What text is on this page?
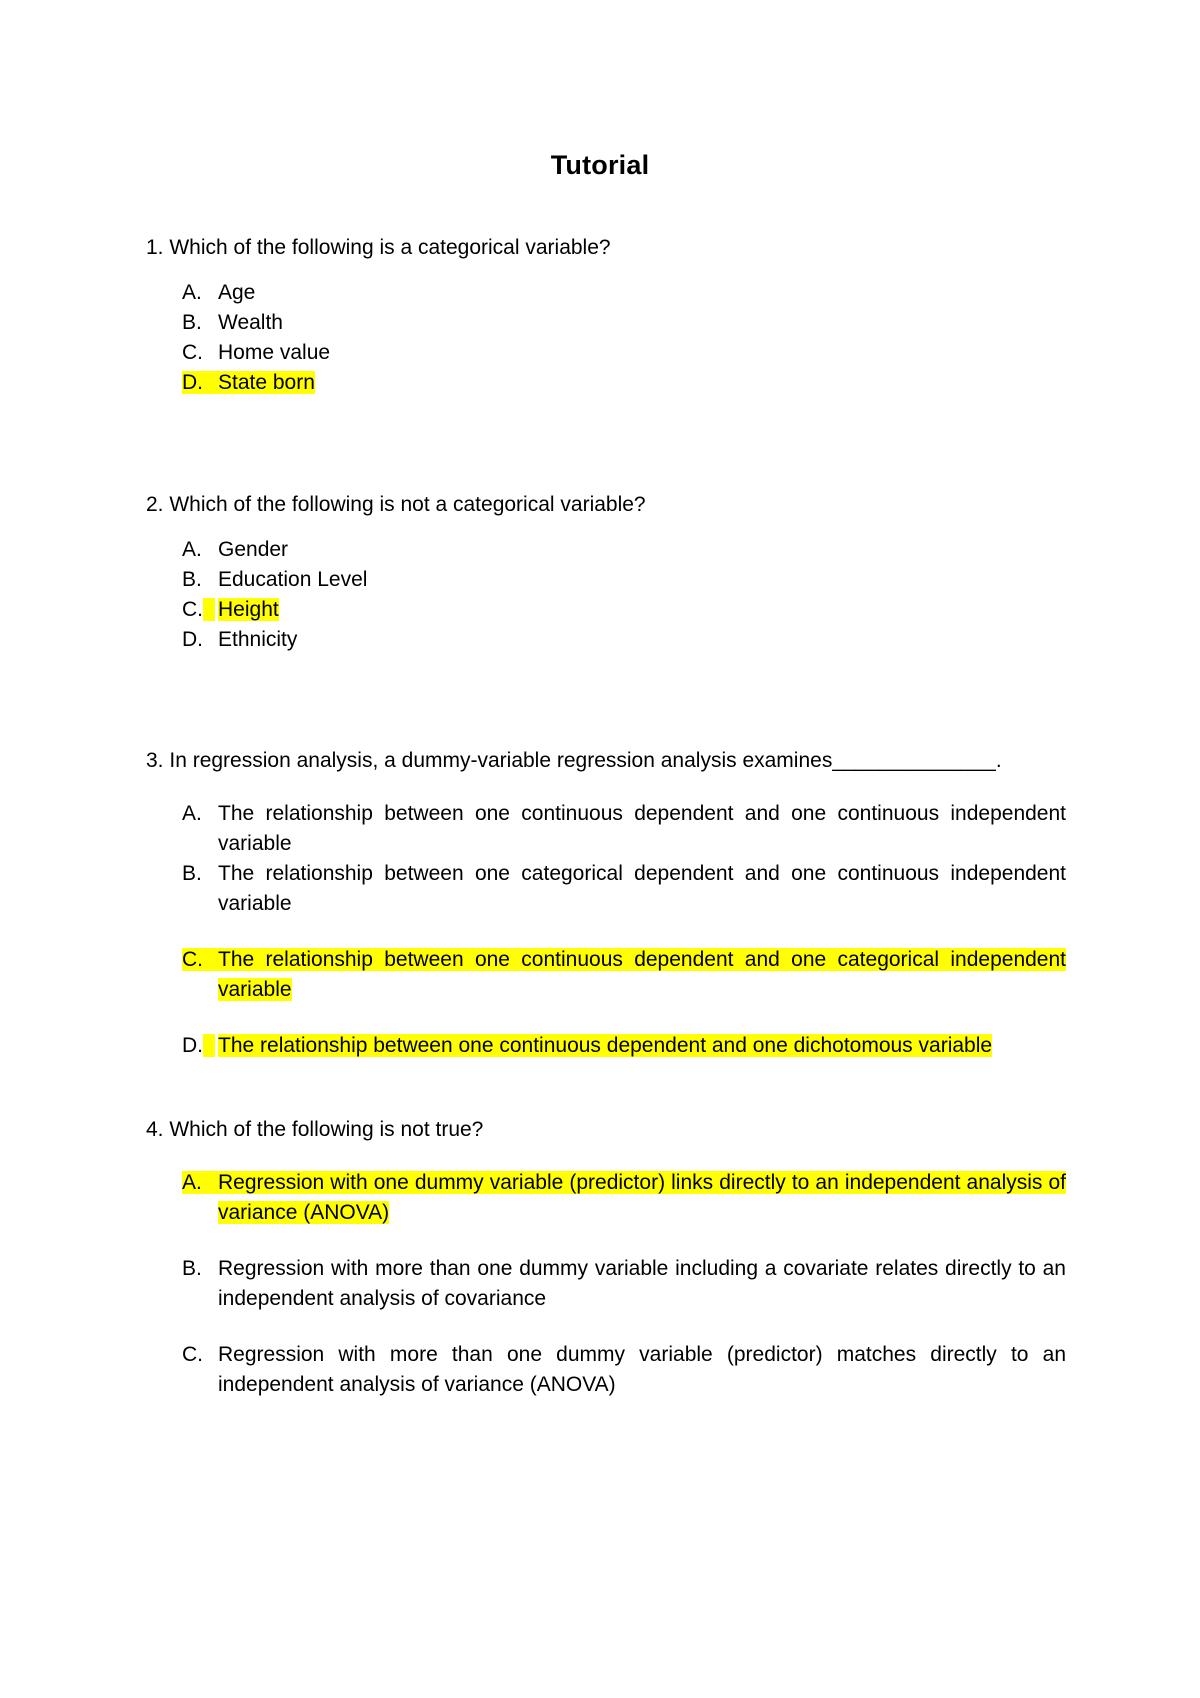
Tutorial
1. Which of the following is a categorical variable?
A. Age
B. Wealth
C. Home value
D. State born
2. Which of the following is not a categorical variable?
A. Gender
B. Education Level
C. Height
D. Ethnicity
3. In regression analysis, a dummy-variable regression analysis examines______________.
A. The relationship between one continuous dependent and one continuous independent variable
B. The relationship between one categorical dependent and one continuous independent variable
C. The relationship between one continuous dependent and one categorical independent variable
D. The relationship between one continuous dependent and one dichotomous variable
4. Which of the following is not true?
A. Regression with one dummy variable (predictor) links directly to an independent analysis of variance (ANOVA)
B. Regression with more than one dummy variable including a covariate relates directly to an independent analysis of covariance
C. Regression with more than one dummy variable (predictor) matches directly to an independent analysis of variance (ANOVA)
